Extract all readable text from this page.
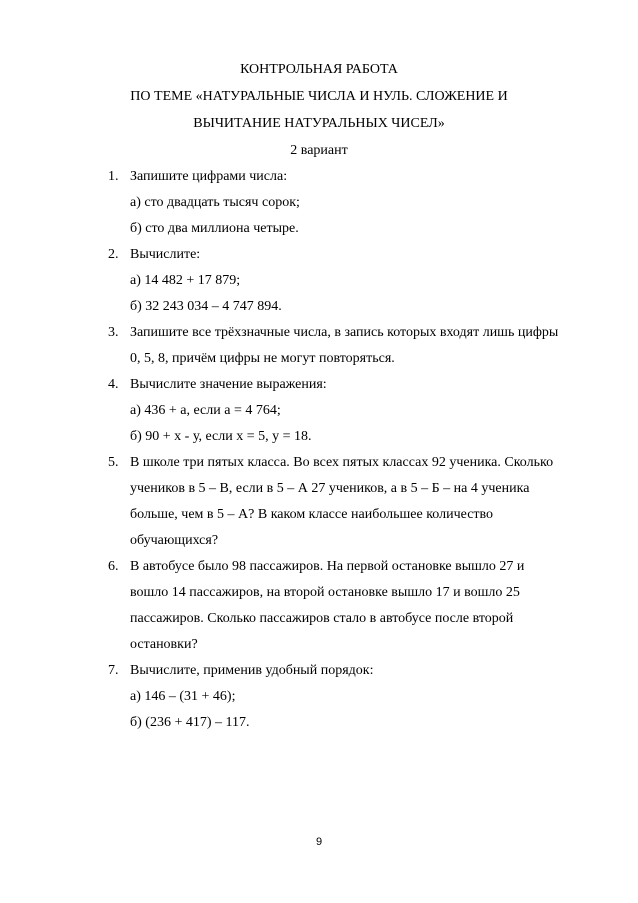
КОНТРОЛЬНАЯ РАБОТА
ПО ТЕМЕ «НАТУРАЛЬНЫЕ ЧИСЛА И НУЛЬ. СЛОЖЕНИЕ И
ВЫЧИТАНИЕ НАТУРАЛЬНЫХ ЧИСЕЛ»
2 вариант
1. Запишите цифрами числа:
а) сто двадцать тысяч сорок;
б) сто два миллиона четыре.
2. Вычислите:
а) 14 482 + 17 879;
б) 32 243 034 – 4 747 894.
3. Запишите все трёхзначные числа, в запись которых входят лишь цифры
0, 5, 8, причём цифры не могут повторяться.
4. Вычислите значение выражения:
а) 436 + а, если а = 4 764;
б) 90 + х - у, если х = 5, у = 18.
5. В школе три пятых класса. Во всех пятых классах 92 ученика. Сколько
учеников в 5 – В, если в 5 – А 27 учеников, а в 5 – Б – на 4 ученика
больше, чем в 5 – А? В каком классе наибольшее количество
обучающихся?
6. В автобусе было 98 пассажиров. На первой остановке вышло 27 и
вошло 14 пассажиров, на второй остановке вышло 17 и вошло 25
пассажиров. Сколько пассажиров стало в автобусе после второй
остановки?
7. Вычислите, применив удобный порядок:
а) 146 – (31 + 46);
б) (236 + 417) – 117.
9
